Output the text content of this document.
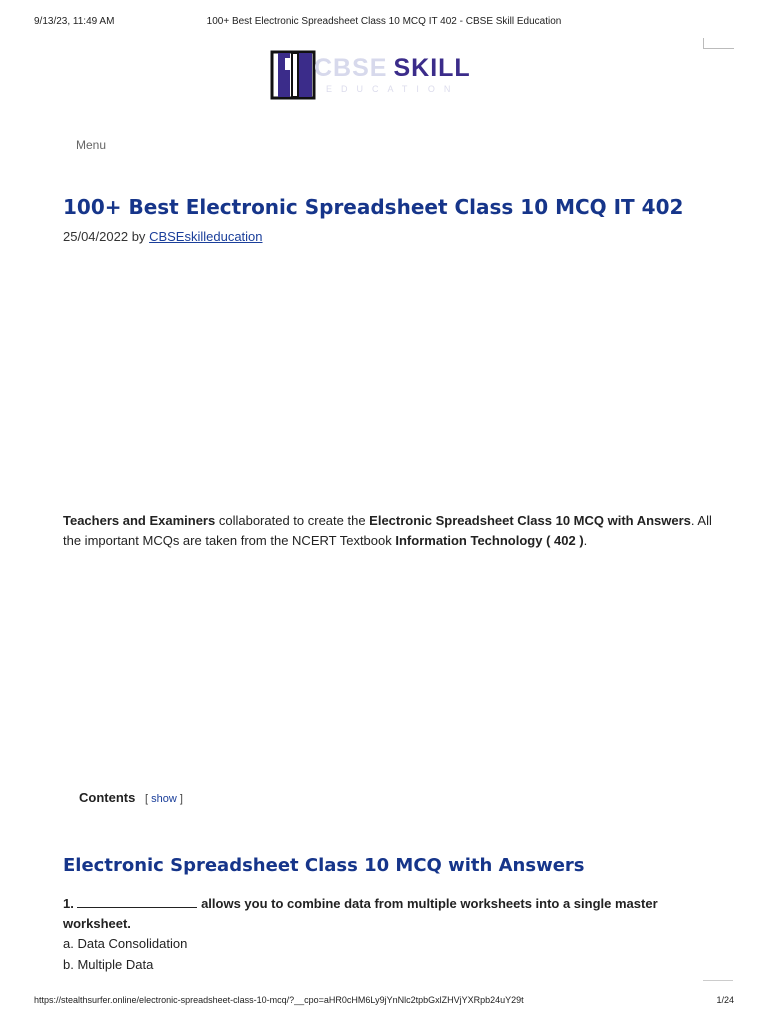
9/13/23, 11:49 AM	100+ Best Electronic Spreadsheet Class 10 MCQ IT 402 - CBSE Skill Education
CBSE SKILL
EDUCATION
Menu
100+ Best Electronic Spreadsheet Class 10 MCQ IT 402
25/04/2022 by CBSEskilleducation

Teachers and Examiners collaborated to create the Electronic Spreadsheet Class 10 MCQ with Answers. All the important MCQs are taken from the NCERT Textbook Information Technology ( 402 ).

Contents [ show ]
Electronic Spreadsheet Class 10 MCQ with Answers

1.	allows you to combine data from multiple worksheets into a single master worksheet.

a. Data Consolidation
b. Multiple Data
https://stealthsurfer.online/electronic-spreadsheet-class-10-mcq/?__cpo=aHR0cHM6Ly9jYnNlc2tpbGxlZHVjYXRpb24uY29t	1/24
